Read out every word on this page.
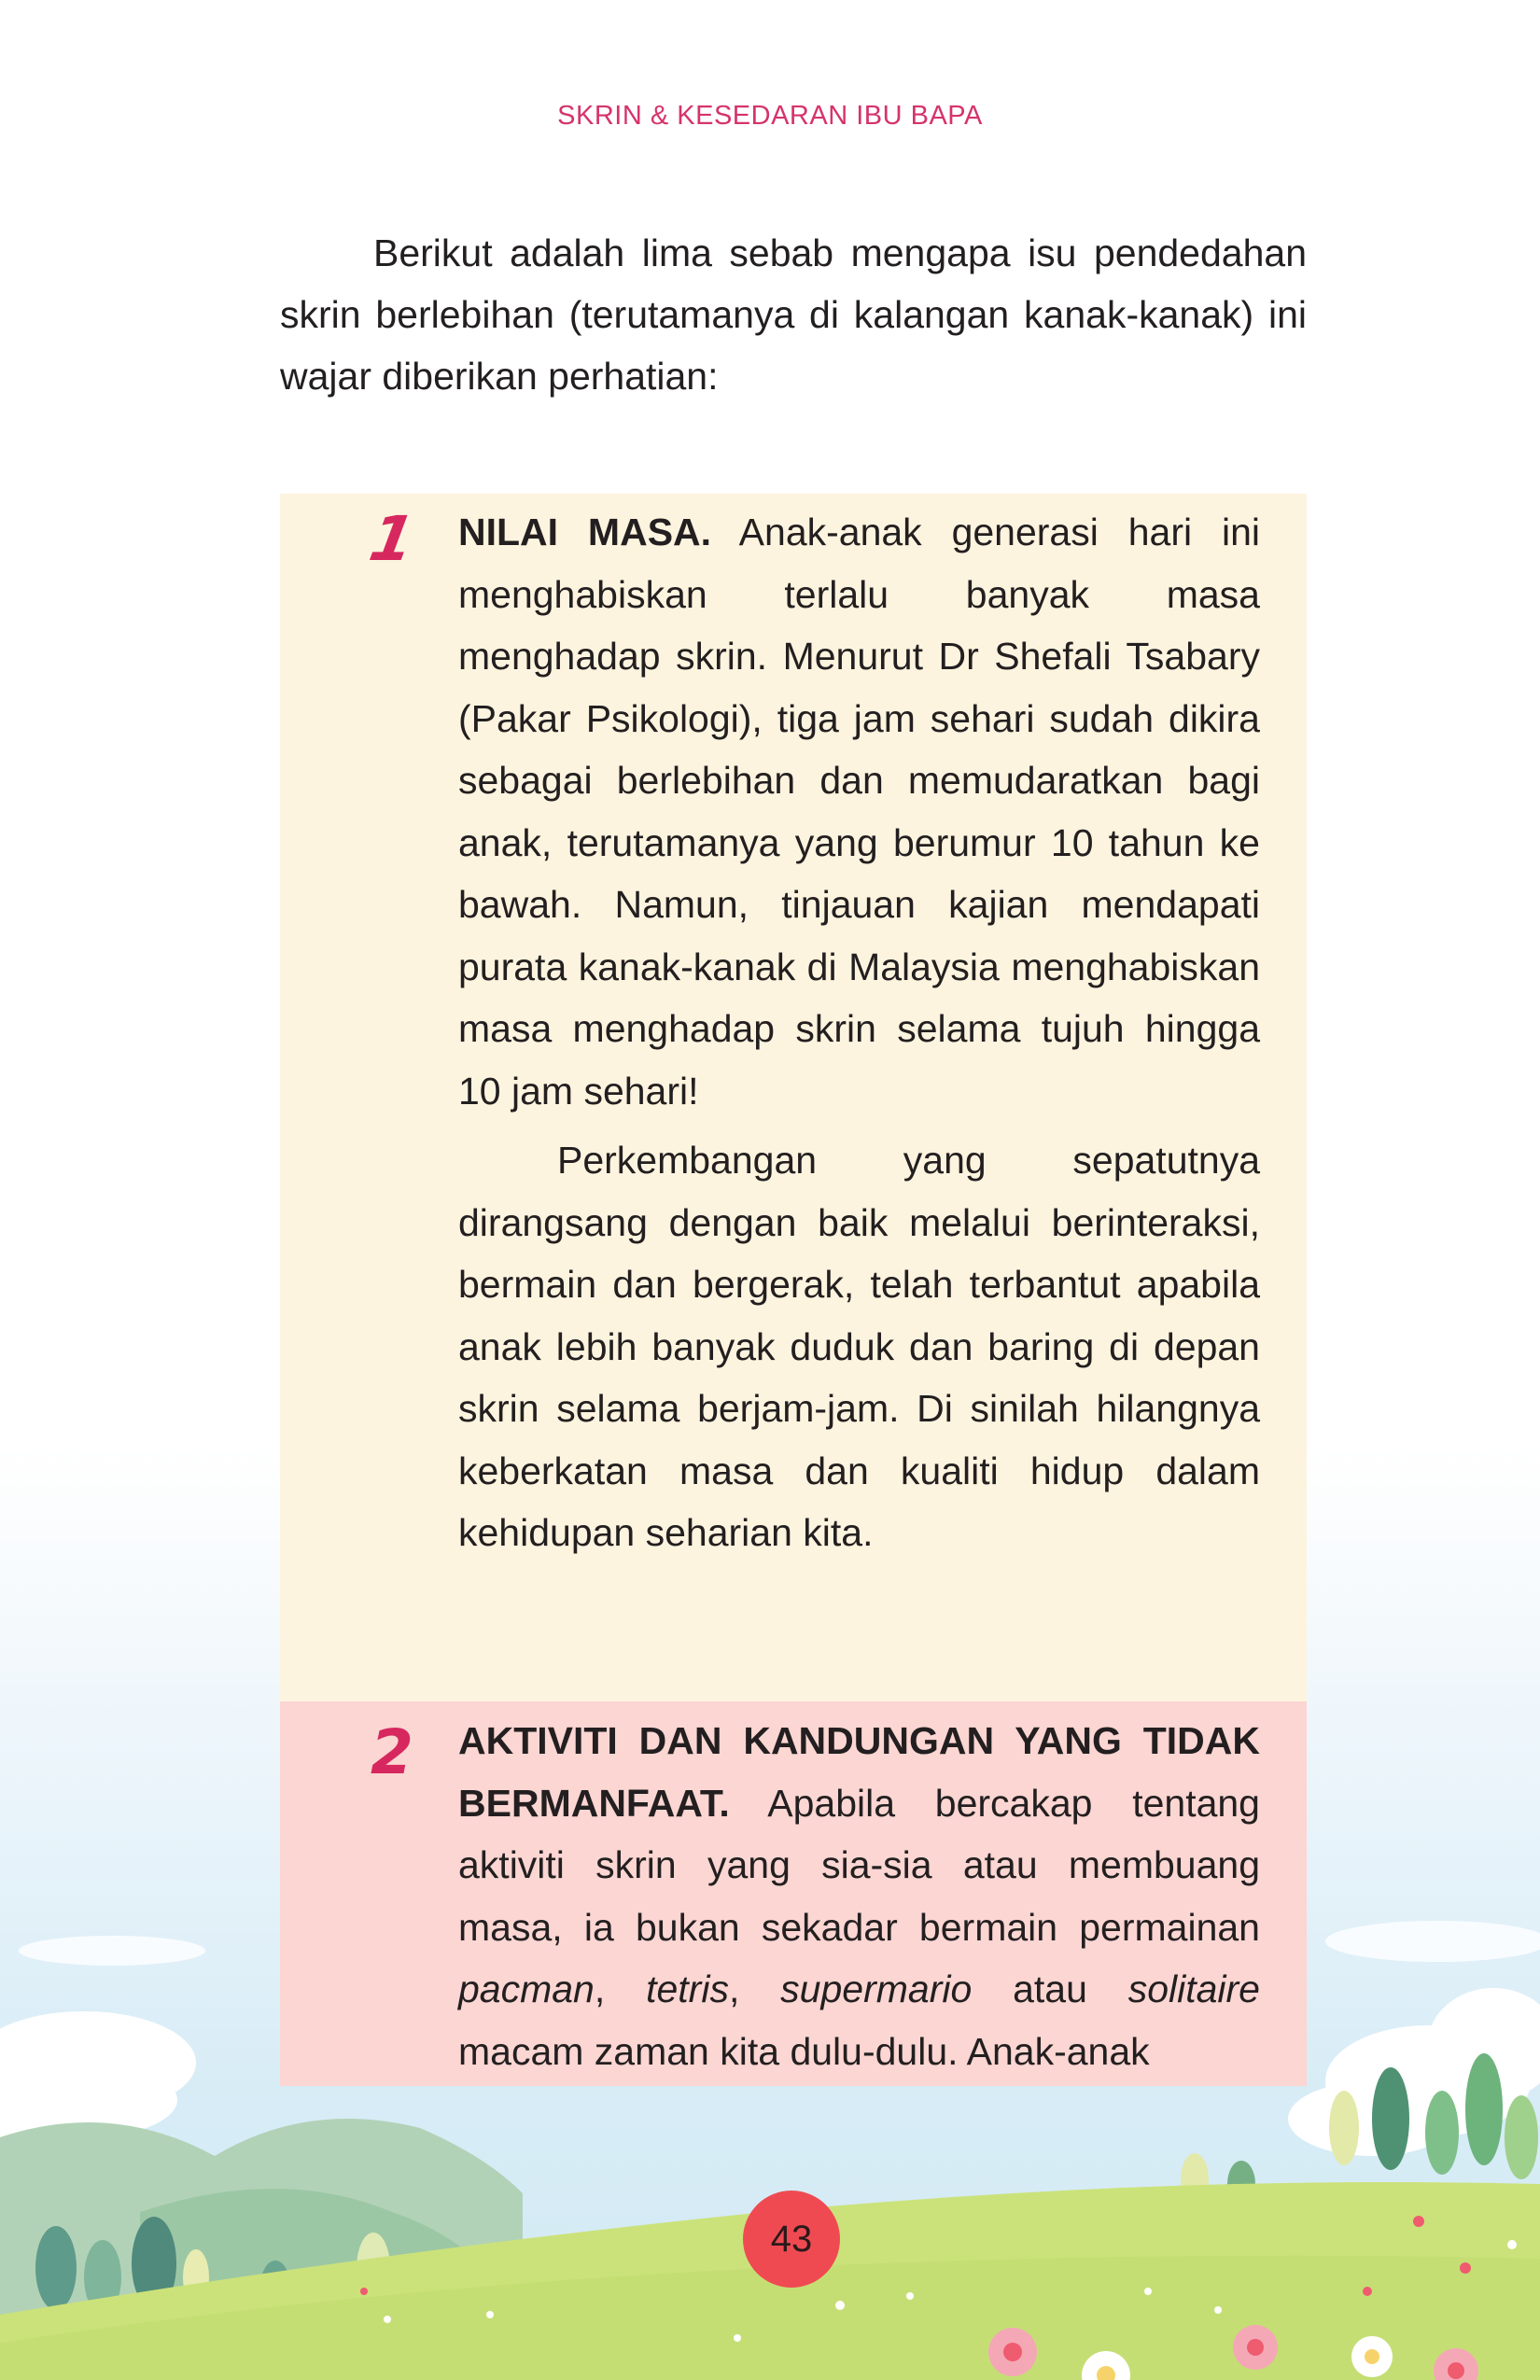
SKRIN & KESEDARAN IBU BAPA

Berikut adalah lima sebab mengapa isu pendedahan skrin berlebihan (terutamanya di kalangan kanak-kanak) ini wajar diberikan perhatian:

1 NILAI MASA. Anak-anak generasi hari ini menghabiskan terlalu banyak masa menghadap skrin. Menurut Dr Shefali Tsabary (Pakar Psikologi), tiga jam sehari sudah dikira sebagai berlebihan dan memudaratkan bagi anak, terutamanya yang berumur 10 tahun ke bawah. Namun, tinjauan kajian mendapati purata kanak-kanak di Malaysia menghabiskan masa menghadap skrin selama tujuh hingga 10 jam sehari!

Perkembangan yang sepatutnya dirangsang dengan baik melalui berinteraksi, bermain dan bergerak, telah terbantut apabila anak lebih banyak duduk dan baring di depan skrin selama berjam-jam. Di sinilah hilangnya keberkatan masa dan kualiti hidup dalam kehidupan seharian kita.

2 AKTIVITI DAN KANDUNGAN YANG TIDAK BERMANFAAT. Apabila bercakap tentang aktiviti skrin yang sia-sia atau membuang masa, ia bukan sekadar bermain permainan pacman, tetris, supermario atau solitaire macam zaman kita dulu-dulu. Anak-anak

43
